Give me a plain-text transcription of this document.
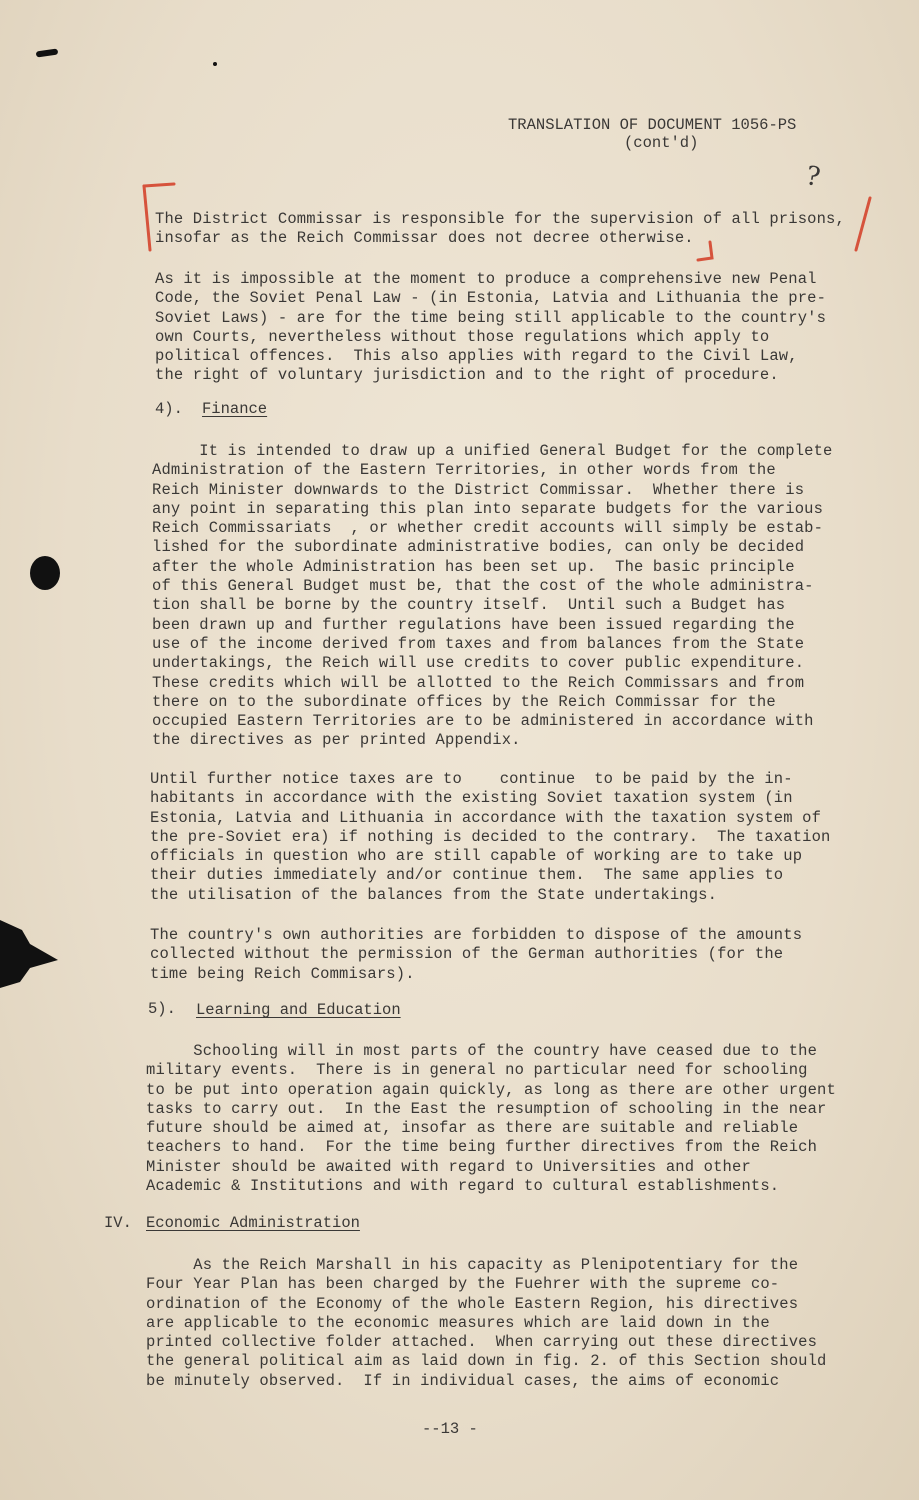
TRANSLATION OF DOCUMENT 1056-PS
(cont'd)
?

The District Commissar is responsible for the supervision of all prisons,
insofar as the Reich Commissar does not decree otherwise.

As it is impossible at the moment to produce a comprehensive new Penal
Code, the Soviet Penal Law - (in Estonia, Latvia and Lithuania the pre-
Soviet Laws) - are for the time being still applicable to the country's
own Courts, nevertheless without those regulations which apply to
political offences.  This also applies with regard to the Civil Law,
the right of voluntary jurisdiction and to the right of procedure.

4). Finance

It is intended to draw up a unified General Budget for the complete
Administration of the Eastern Territories, in other words from the
Reich Minister downwards to the District Commissar.  Whether there is
any point in separating this plan into separate budgets for the various
Reich Commissariats  , or whether credit accounts will simply be estab-
lished for the subordinate administrative bodies, can only be decided
after the whole Administration has been set up.  The basic principle
of this General Budget must be, that the cost of the whole administra-
tion shall be borne by the country itself.  Until such a Budget has
been drawn up and further regulations have been issued regarding the
use of the income derived from taxes and from balances from the State
undertakings, the Reich will use credits to cover public expenditure.
These credits which will be allotted to the Reich Commissars and from
there on to the subordinate offices by the Reich Commissar for the
occupied Eastern Territories are to be administered in accordance with
the directives as per printed Appendix.

Until further notice taxes are to    continue  to be paid by the in-
habitants in accordance with the existing Soviet taxation system (in
Estonia, Latvia and Lithuania in accordance with the taxation system of
the pre-Soviet era) if nothing is decided to the contrary.  The taxation
officials in question who are still capable of working are to take up
their duties immediately and/or continue them.  The same applies to
the utilisation of the balances from the State undertakings.

The country's own authorities are forbidden to dispose of the amounts
collected without the permission of the German authorities (for the
time being Reich Commisars).

5). Learning and Education

Schooling will in most parts of the country have ceased due to the
military events.  There is in general no particular need for schooling
to be put into operation again quickly, as long as there are other urgent
tasks to carry out.  In the East the resumption of schooling in the near
future should be aimed at, insofar as there are suitable and reliable
teachers to hand.  For the time being further directives from the Reich
Minister should be awaited with regard to Universities and other
Academic & Institutions and with regard to cultural establishments.

IV. Economic Administration

As the Reich Marshall in his capacity as Plenipotentiary for the
Four Year Plan has been charged by the Fuehrer with the supreme co-
ordination of the Economy of the whole Eastern Region, his directives
are applicable to the economic measures which are laid down in the
printed collective folder attached.  When carrying out these directives
the general political aim as laid down in fig. 2. of this Section should
be minutely observed.  If in individual cases, the aims of economic

--13 -
